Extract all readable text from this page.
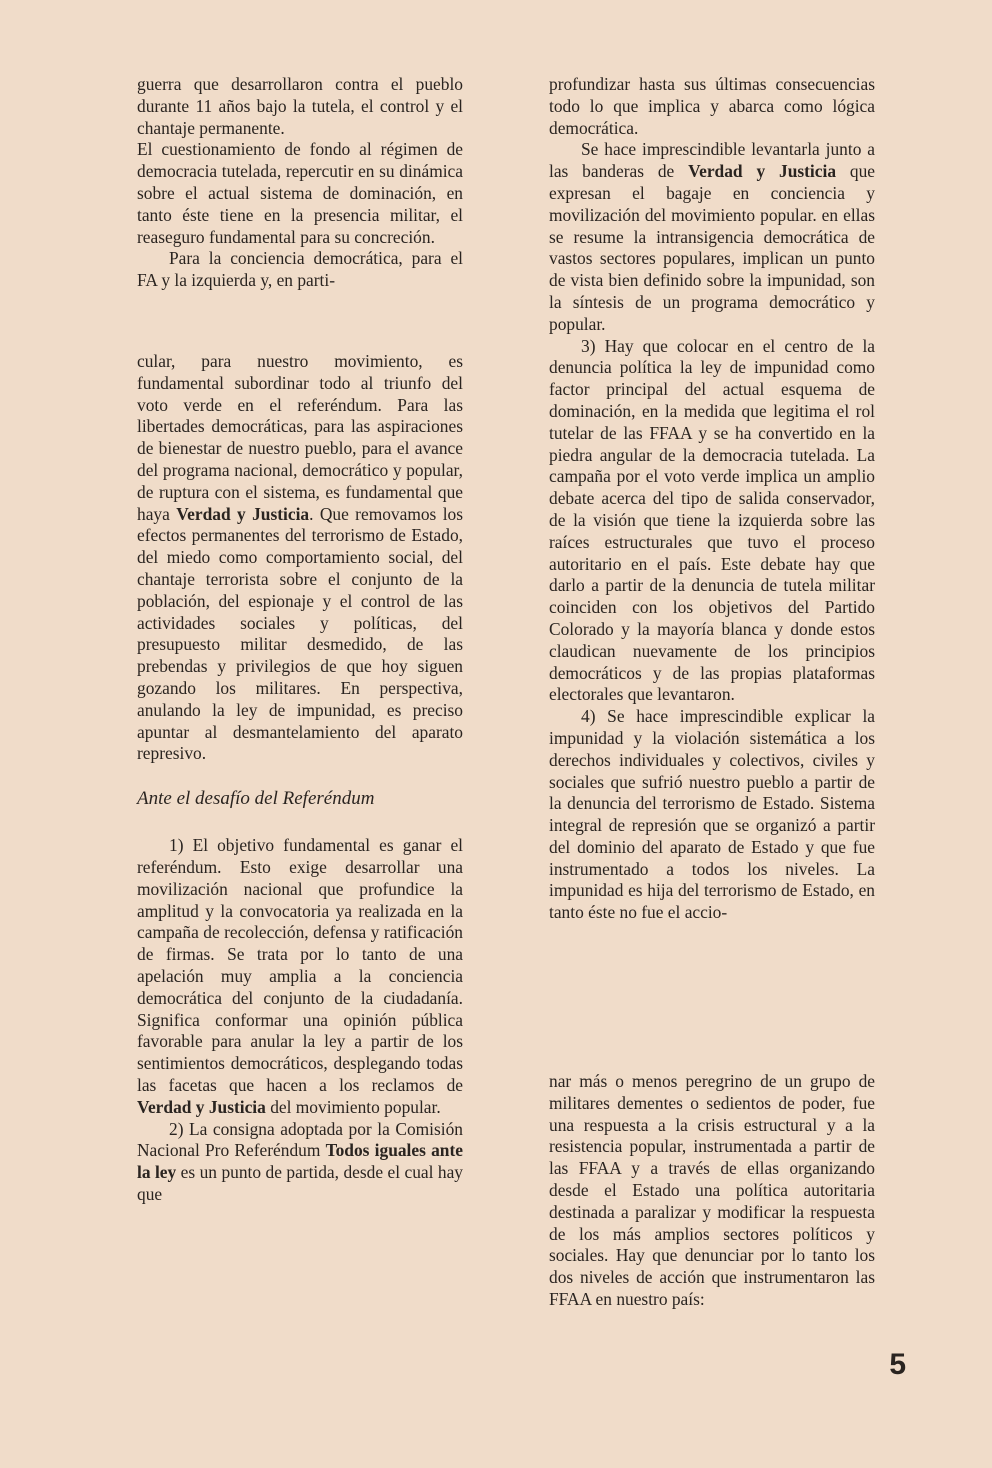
guerra que desarrollaron contra el pueblo durante 11 años bajo la tutela, el control y el chantaje permanente.

El cuestionamiento de fondo al régimen de democracia tutelada, repercutir en su dinámica sobre el actual sistema de dominación, en tanto éste tiene en la presencia militar, el reaseguro fundamental para su concreción.

Para la conciencia democrática, para el FA y la izquierda y, en parti-

cular, para nuestro movimiento, es fundamental subordinar todo al triunfo del voto verde en el referéndum. Para las libertades democráticas, para las aspiraciones de bienestar de nuestro pueblo, para el avance del programa nacional, democrático y popular, de ruptura con el sistema, es fundamental que haya Verdad y Justicia. Que removamos los efectos permanentes del terrorismo de Estado, del miedo como comportamiento social, del chantaje terrorista sobre el conjunto de la población, del espionaje y el control de las actividades sociales y políticas, del presupuesto militar desmedido, de las prebendas y privilegios de que hoy siguen gozando los militares. En perspectiva, anulando la ley de impunidad, es preciso apuntar al desmantelamiento del aparato represivo.

Ante el desafío del Referéndum

1) El objetivo fundamental es ganar el referéndum. Esto exige desarrollar una movilización nacional que profundice la amplitud y la convocatoria ya realizada en la campaña de recolección, defensa y ratificación de firmas. Se trata por lo tanto de una apelación muy amplia a la conciencia democrática del conjunto de la ciudadanía. Significa conformar una opinión pública favorable para anular la ley a partir de los sentimientos democráticos, desplegando todas las facetas que hacen a los reclamos de Verdad y Justicia del movimiento popular.

2) La consigna adoptada por la Comisión Nacional Pro Referéndum Todos iguales ante la ley es un punto de partida, desde el cual hay que

profundizar hasta sus últimas consecuencias todo lo que implica y abarca como lógica democrática.

Se hace imprescindible levantarla junto a las banderas de Verdad y Justicia que expresan el bagaje en conciencia y movilización del movimiento popular. en ellas se resume la intransigencia democrática de vastos sectores populares, implican un punto de vista bien definido sobre la impunidad, son la síntesis de un programa democrático y popular.

3) Hay que colocar en el centro de la denuncia política la ley de impunidad como factor principal del actual esquema de dominación, en la medida que legitima el rol tutelar de las FFAA y se ha convertido en la piedra angular de la democracia tutelada. La campaña por el voto verde implica un amplio debate acerca del tipo de salida conservador, de la visión que tiene la izquierda sobre las raíces estructurales que tuvo el proceso autoritario en el país. Este debate hay que darlo a partir de la denuncia de tutela militar coinciden con los objetivos del Partido Colorado y la mayoría blanca y donde estos claudican nuevamente de los principios democráticos y de las propias plataformas electorales que levantaron.

4) Se hace imprescindible explicar la impunidad y la violación sistemática a los derechos individuales y colectivos, civiles y sociales que sufrió nuestro pueblo a partir de la denuncia del terrorismo de Estado. Sistema integral de represión que se organizó a partir del dominio del aparato de Estado y que fue instrumentado a todos los niveles. La impunidad es hija del terrorismo de Estado, en tanto éste no fue el accio-

nar más o menos peregrino de un grupo de militares dementes o sedientos de poder, fue una respuesta a la crisis estructural y a la resistencia popular, instrumentada a partir de las FFAA y a través de ellas organizando desde el Estado una política autoritaria destinada a paralizar y modificar la respuesta de los más amplios sectores políticos y sociales. Hay que denunciar por lo tanto los dos niveles de acción que instrumentaron las FFAA en nuestro país:

5
